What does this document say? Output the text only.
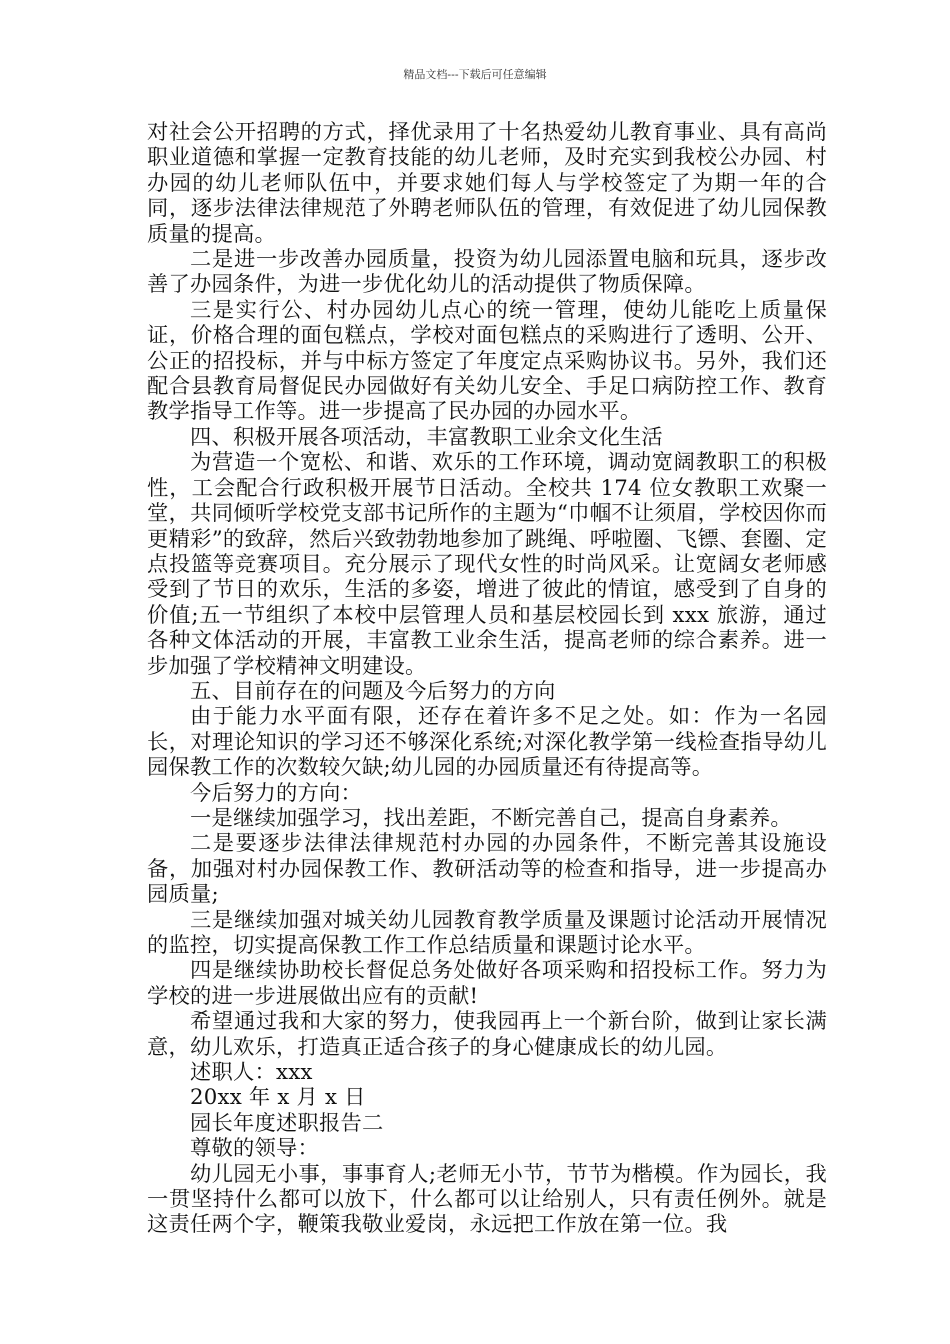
精品文档---下载后可任意编辑

对社会公开招聘的方式，择优录用了十名热爱幼儿教育事业、具有高尚职业道德和掌握一定教育技能的幼儿老师，及时充实到我校公办园、村办园的幼儿老师队伍中，并要求她们每人与学校签定了为期一年的合同，逐步法律法律规范了外聘老师队伍的管理，有效促进了幼儿园保教质量的提高。

二是进一步改善办园质量，投资为幼儿园添置电脑和玩具，逐步改善了办园条件，为进一步优化幼儿的活动提供了物质保障。

三是实行公、村办园幼儿点心的统一管理，使幼儿能吃上质量保证，价格合理的面包糕点，学校对面包糕点的采购进行了透明、公开、公正的招投标，并与中标方签定了年度定点采购协议书。另外，我们还配合县教育局督促民办园做好有关幼儿安全、手足口病防控工作、教育教学指导工作等。进一步提高了民办园的办园水平。

四、积极开展各项活动，丰富教职工业余文化生活

为营造一个宽松、和谐、欢乐的工作环境，调动宽阔教职工的积极性，工会配合行政积极开展节日活动。全校共 174 位女教职工欢聚一堂，共同倾听学校党支部书记所作的主题为“巾帼不让须眉，学校因你而更精彩”的致辞，然后兴致勃勃地参加了跳绳、呼啦圈、飞镖、套圈、定点投篮等竞赛项目。充分展示了现代女性的时尚风采。让宽阔女老师感受到了节日的欢乐，生活的多姿，增进了彼此的情谊，感受到了自身的价值;五一节组织了本校中层管理人员和基层校园长到 xxx 旅游，通过各种文体活动的开展，丰富教工业余生活，提高老师的综合素养。进一步加强了学校精神文明建设。

五、目前存在的问题及今后努力的方向

由于能力水平面有限，还存在着许多不足之处。如：作为一名园长，对理论知识的学习还不够深化系统;对深化教学第一线检查指导幼儿园保教工作的次数较欠缺;幼儿园的办园质量还有待提高等。

今后努力的方向：

一是继续加强学习，找出差距，不断完善自己，提高自身素养。

二是要逐步法律法律规范村办园的办园条件，不断完善其设施设备，加强对村办园保教工作、教研活动等的检查和指导，进一步提高办园质量;

三是继续加强对城关幼儿园教育教学质量及课题讨论活动开展情况的监控，切实提高保教工作工作总结质量和课题讨论水平。

四是继续协助校长督促总务处做好各项采购和招投标工作。努力为学校的进一步进展做出应有的贡献!

希望通过我和大家的努力，使我园再上一个新台阶，做到让家长满意，幼儿欢乐，打造真正适合孩子的身心健康成长的幼儿园。

述职人：xxx

20xx 年 x 月 x 日

园长年度述职报告二

尊敬的领导：

幼儿园无小事，事事育人;老师无小节，节节为楷模。作为园长，我一贯坚持什么都可以放下，什么都可以让给别人，只有责任例外。就是这责任两个字，鞭策我敬业爱岗，永远把工作放在第一位。我
